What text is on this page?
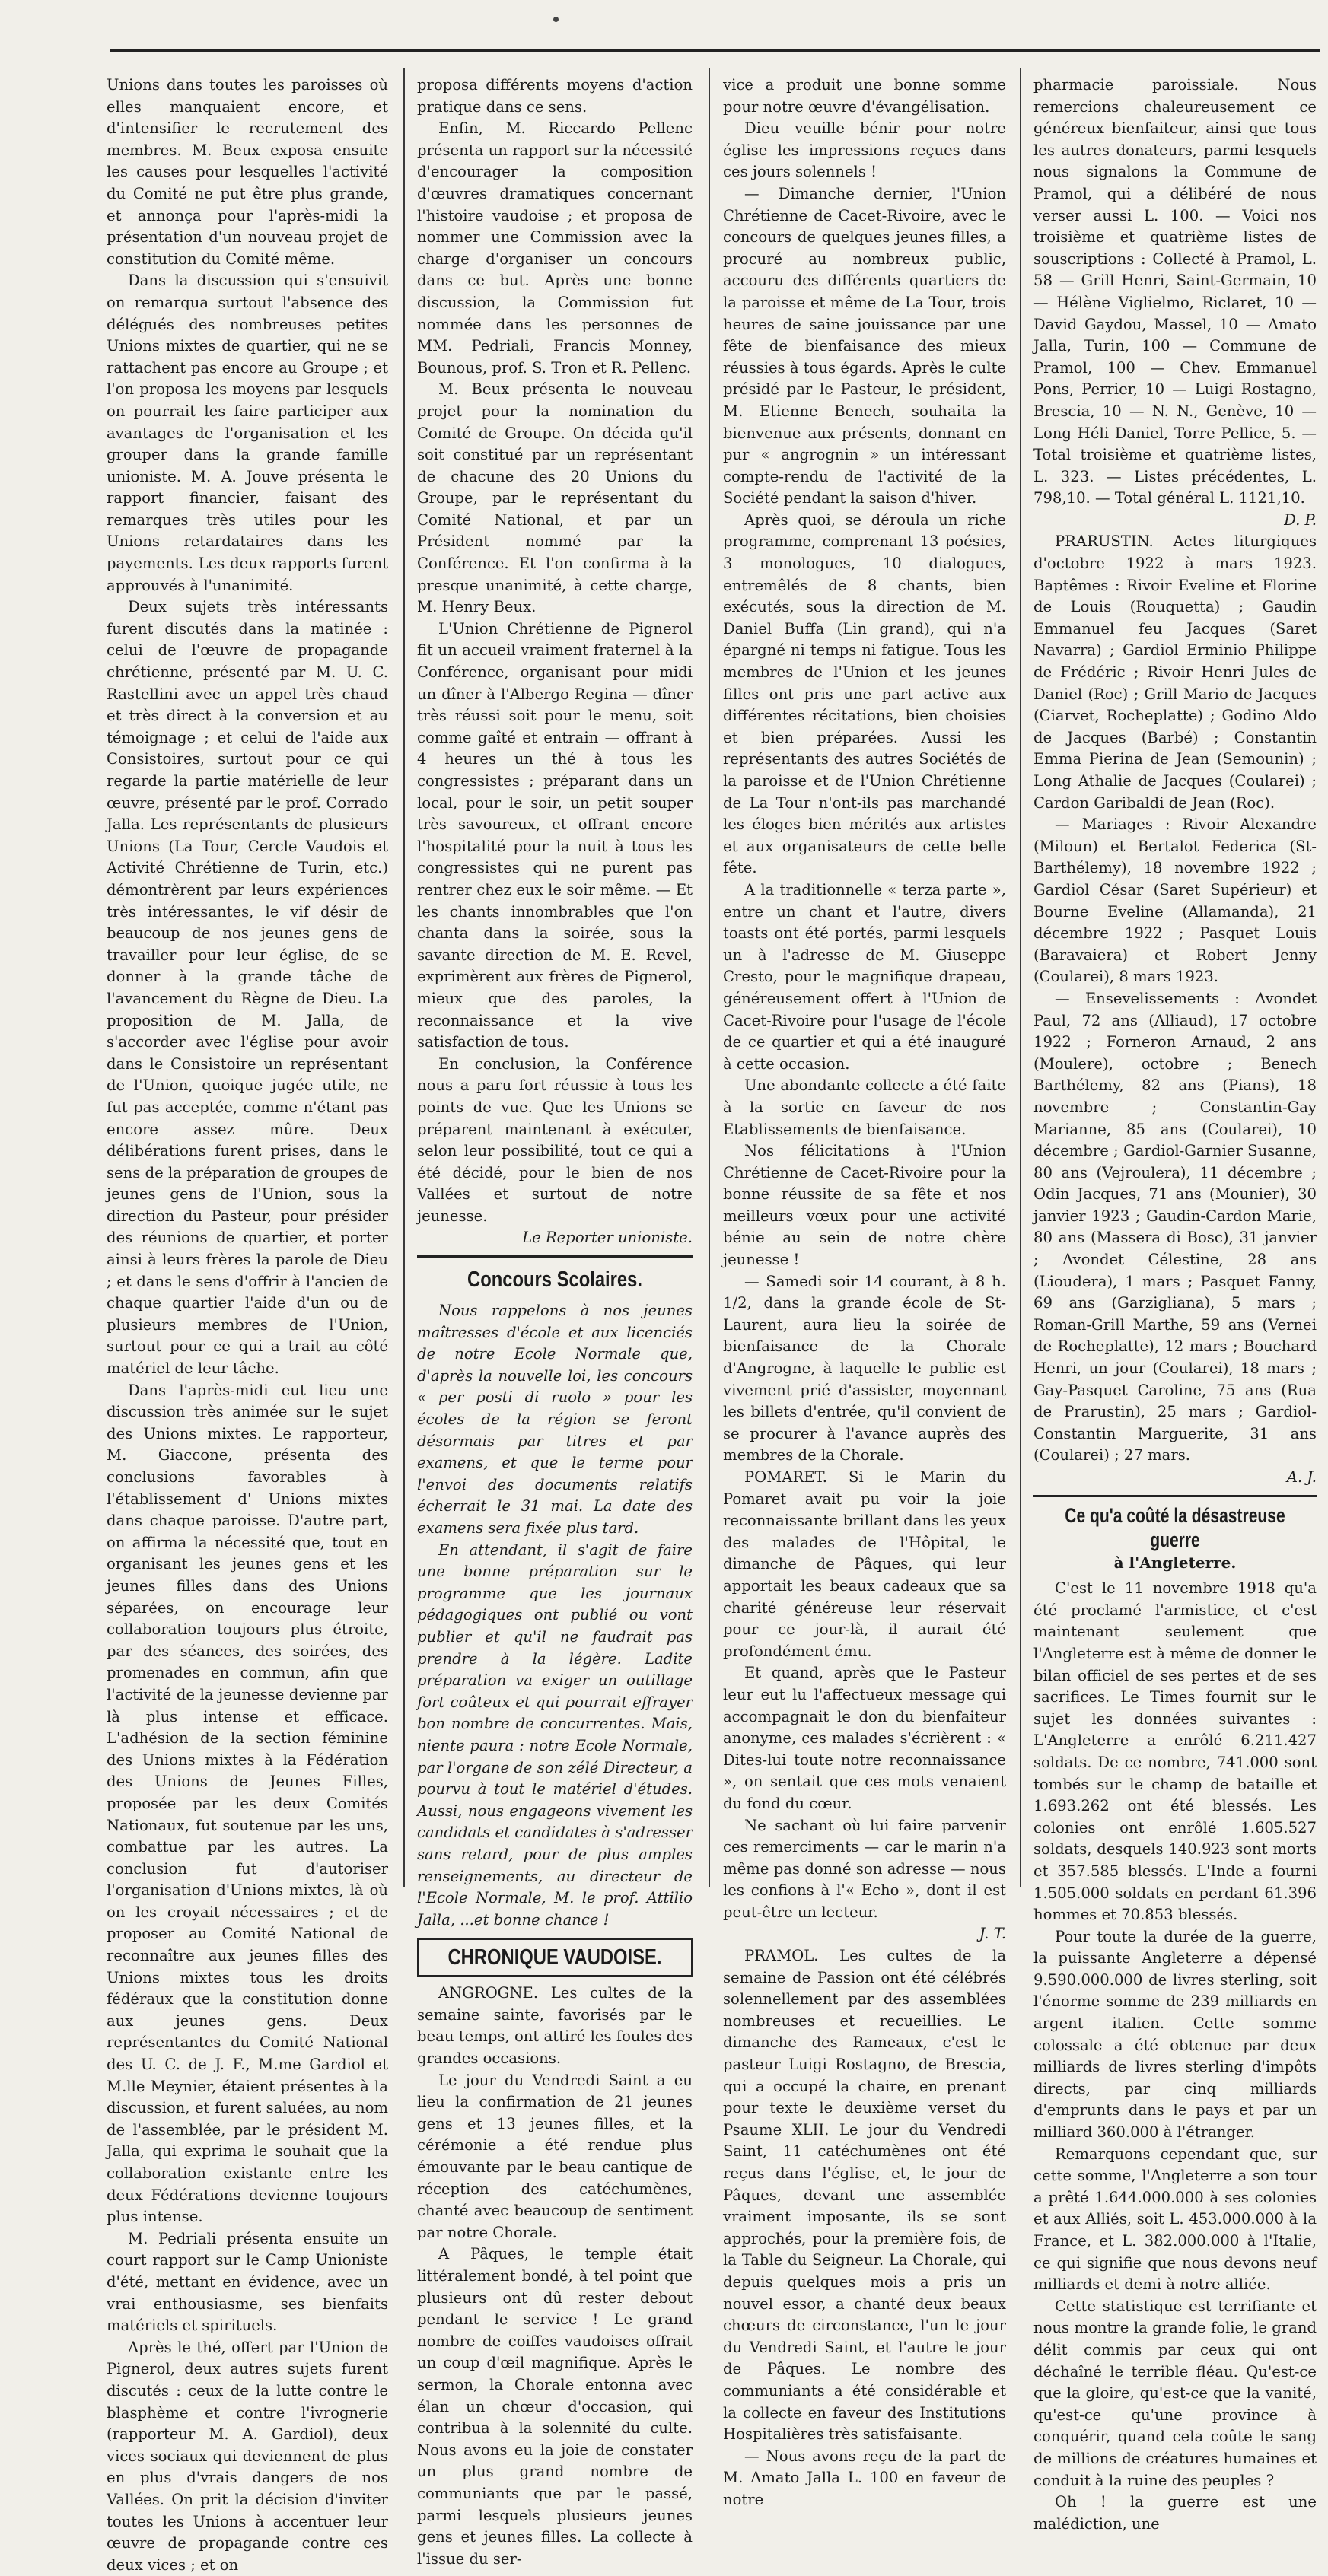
Unions dans toutes les paroisses où elles manquaient encore, et d'intensifier le recrutement des membres. M. Beux exposa ensuite les causes pour lesquelles l'activité du Comité ne put être plus grande, et annonça pour l'après-midi la présentation d'un nouveau projet de constitution du Comité même.

Dans la discussion qui s'ensuivit on remarqua surtout l'absence des délégués des nombreuses petites Unions mixtes de quartier, qui ne se rattachent pas encore au Groupe ; et l'on proposa les moyens par lesquels on pourrait les faire participer aux avantages de l'organisation et les grouper dans la grande famille unioniste. M. A. Jouve présenta le rapport financier, faisant des remarques très utiles pour les Unions retardataires dans les payements. Les deux rapports furent approuvés à l'unanimité.

Deux sujets très intéressants furent discutés dans la matinée : celui de l'œuvre de propagande chrétienne, présenté par M. U. C. Rastellini avec un appel très chaud et très direct à la conversion et au témoignage ; et celui de l'aide aux Consistoires, surtout pour ce qui regarde la partie matérielle de leur œuvre, présenté par le prof. Corrado Jalla. Les représentants de plusieurs Unions (La Tour, Cercle Vaudois et Activité Chrétienne de Turin, etc.) démontrèrent par leurs expériences très intéressantes, le vif désir de beaucoup de nos jeunes gens de travailler pour leur église, de se donner à la grande tâche de l'avancement du Règne de Dieu. La proposition de M. Jalla, de s'accorder avec l'église pour avoir dans le Consistoire un représentant de l'Union, quoique jugée utile, ne fut pas acceptée, comme n'étant pas encore assez mûre. Deux délibérations furent prises, dans le sens de la préparation de groupes de jeunes gens de l'Union, sous la direction du Pasteur, pour présider des réunions de quartier, et porter ainsi à leurs frères la parole de Dieu ; et dans le sens d'offrir à l'ancien de chaque quartier l'aide d'un ou de plusieurs membres de l'Union, surtout pour ce qui a trait au côté matériel de leur tâche.

Dans l'après-midi eut lieu une discussion très animée sur le sujet des Unions mixtes. Le rapporteur, M. Giaccone, présenta des conclusions favorables à l'établissement d' Unions mixtes dans chaque paroisse. D'autre part, on affirma la nécessité que, tout en organisant les jeunes gens et les jeunes filles dans des Unions séparées, on encourage leur collaboration toujours plus étroite, par des séances, des soirées, des promenades en commun, afin que l'activité de la jeunesse devienne par là plus intense et efficace. L'adhésion de la section féminine des Unions mixtes à la Fédération des Unions de Jeunes Filles, proposée par les deux Comités Nationaux, fut soutenue par les uns, combattue par les autres. La conclusion fut d'autoriser l'organisation d'Unions mixtes, là où on les croyait nécessaires ; et de proposer au Comité National de reconnaître aux jeunes filles des Unions mixtes tous les droits fédéraux que la constitution donne aux jeunes gens. Deux représentantes du Comité National des U. C. de J. F., M.me Gardiol et M.lle Meynier, étaient présentes à la discussion, et furent saluées, au nom de l'assemblée, par le président M. Jalla, qui exprima le souhait que la collaboration existante entre les deux Fédérations devienne toujours plus intense.

M. Pedriali présenta ensuite un court rapport sur le Camp Unioniste d'été, mettant en évidence, avec un vrai enthousiasme, ses bienfaits matériels et spirituels.

Après le thé, offert par l'Union de Pignerol, deux autres sujets furent discutés : ceux de la lutte contre le blasphème et contre l'ivrognerie (rapporteur M. A. Gardiol), deux vices sociaux qui deviennent de plus en plus d'vrais dangers de nos Vallées. On prit la décision d'inviter toutes les Unions à accentuer leur œuvre de propagande contre ces deux vices ; et on

proposa différents moyens d'action pratique dans ce sens.

Enfin, M. Riccardo Pellenc présenta un rapport sur la nécessité d'encourager la composition d'œuvres dramatiques concernant l'histoire vaudoise ; et proposa de nommer une Commission avec la charge d'organiser un concours dans ce but. Après une bonne discussion, la Commission fut nommée dans les personnes de MM. Pedriali, Francis Monney, Bounous, prof. S. Tron et R. Pellenc.

M. Beux présenta le nouveau projet pour la nomination du Comité de Groupe. On décida qu'il soit constitué par un représentant de chacune des 20 Unions du Groupe, par le représentant du Comité National, et par un Président nommé par la Conférence. Et l'on confirma à la presque unanimité, à cette charge, M. Henry Beux.

L'Union Chrétienne de Pignerol fit un accueil vraiment fraternel à la Conférence, organisant pour midi un dîner à l'Albergo Regina — dîner très réussi soit pour le menu, soit comme gaîté et entrain — offrant à 4 heures un thé à tous les congressistes ; préparant dans un local, pour le soir, un petit souper très savoureux, et offrant encore l'hospitalité pour la nuit à tous les congressistes qui ne purent pas rentrer chez eux le soir même. — Et les chants innombrables que l'on chanta dans la soirée, sous la savante direction de M. E. Revel, exprimèrent aux frères de Pignerol, mieux que des paroles, la reconnaissance et la vive satisfaction de tous.

En conclusion, la Conférence nous a paru fort réussie à tous les points de vue. Que les Unions se préparent maintenant à exécuter, selon leur possibilité, tout ce qui a été décidé, pour le bien de nos Vallées et surtout de notre jeunesse.

Le Reporter unioniste.

Concours Scolaires.

Nous rappelons à nos jeunes maîtresses d'école et aux licenciés de notre Ecole Normale que, d'après la nouvelle loi, les concours « per posti di ruolo » pour les écoles de la région se feront désormais par titres et par examens, et que le terme pour l'envoi des documents relatifs écherrait le 31 mai. La date des examens sera fixée plus tard.

En attendant, il s'agit de faire une bonne préparation sur le programme que les journaux pédagogiques ont publié ou vont publier et qu'il ne faudrait pas prendre à la légère. Ladite préparation va exiger un outillage fort coûteux et qui pourrait effrayer bon nombre de concurrentes. Mais, niente paura : notre Ecole Normale, par l'organe de son zélé Directeur, a pourvu à tout le matériel d'études. Aussi, nous engageons vivement les candidats et candidates à s'adresser sans retard, pour de plus amples renseignements, au directeur de l'Ecole Normale, M. le prof. Attilio Jalla, ...et bonne chance !

CHRONIQUE VAUDOISE.

ANGROGNE. Les cultes de la semaine sainte, favorisés par le beau temps, ont attiré les foules des grandes occasions.

Le jour du Vendredi Saint a eu lieu la confirmation de 21 jeunes gens et 13 jeunes filles, et la cérémonie a été rendue plus émouvante par le beau cantique de réception des catéchumènes, chanté avec beaucoup de sentiment par notre Chorale.

A Pâques, le temple était littéralement bondé, à tel point que plusieurs ont dû rester debout pendant le service ! Le grand nombre de coiffes vaudoises offrait un coup d'œil magnifique. Après le sermon, la Chorale entonna avec élan un chœur d'occasion, qui contribua à la solennité du culte. Nous avons eu la joie de constater un plus grand nombre de communiants que par le passé, parmi lesquels plusieurs jeunes gens et jeunes filles. La collecte à l'issue du ser-

vice a produit une bonne somme pour notre œuvre d'évangélisation.

Dieu veuille bénir pour notre église les impressions reçues dans ces jours solennels !

— Dimanche dernier, l'Union Chrétienne de Cacet-Rivoire, avec le concours de quelques jeunes filles, a procuré au nombreux public, accouru des différents quartiers de la paroisse et même de La Tour, trois heures de saine jouissance par une fête de bienfaisance des mieux réussies à tous égards. Après le culte présidé par le Pasteur, le président, M. Etienne Benech, souhaita la bienvenue aux présents, donnant en pur « angrognin » un intéressant compte-rendu de l'activité de la Société pendant la saison d'hiver.

Après quoi, se déroula un riche programme, comprenant 13 poésies, 3 monologues, 10 dialogues, entremêlés de 8 chants, bien exécutés, sous la direction de M. Daniel Buffa (Lin grand), qui n'a épargné ni temps ni fatigue. Tous les membres de l'Union et les jeunes filles ont pris une part active aux différentes récitations, bien choisies et bien préparées. Aussi les représentants des autres Sociétés de la paroisse et de l'Union Chrétienne de La Tour n'ont-ils pas marchandé les éloges bien mérités aux artistes et aux organisateurs de cette belle fête.

A la traditionnelle « terza parte », entre un chant et l'autre, divers toasts ont été portés, parmi lesquels un à l'adresse de M. Giuseppe Cresto, pour le magnifique drapeau, généreusement offert à l'Union de Cacet-Rivoire pour l'usage de l'école de ce quartier et qui a été inauguré à cette occasion.

Une abondante collecte a été faite à la sortie en faveur de nos Etablissements de bienfaisance.

Nos félicitations à l'Union Chrétienne de Cacet-Rivoire pour la bonne réussite de sa fête et nos meilleurs vœux pour une activité bénie au sein de notre chère jeunesse !

— Samedi soir 14 courant, à 8 h. 1/2, dans la grande école de St-Laurent, aura lieu la soirée de bienfaisance de la Chorale d'Angrogne, à laquelle le public est vivement prié d'assister, moyennant les billets d'entrée, qu'il convient de se procurer à l'avance auprès des membres de la Chorale.

POMARET. Si le Marin du Pomaret avait pu voir la joie reconnaissante brillant dans les yeux des malades de l'Hôpital, le dimanche de Pâques, qui leur apportait les beaux cadeaux que sa charité généreuse leur réservait pour ce jour-là, il aurait été profondément ému.

Et quand, après que le Pasteur leur eut lu l'affectueux message qui accompagnait le don du bienfaiteur anonyme, ces malades s'écrièrent : « Dites-lui toute notre reconnaissance », on sentait que ces mots venaient du fond du cœur.

Ne sachant où lui faire parvenir ces remerciments — car le marin n'a même pas donné son adresse — nous les confions à l'« Echo », dont il est peut-être un lecteur.

J. T.

PRAMOL. Les cultes de la semaine de Passion ont été célébrés solennellement par des assemblées nombreuses et recueillies. Le dimanche des Rameaux, c'est le pasteur Luigi Rostagno, de Brescia, qui a occupé la chaire, en prenant pour texte le deuxième verset du Psaume XLII. Le jour du Vendredi Saint, 11 catéchumènes ont été reçus dans l'église, et, le jour de Pâques, devant une assemblée vraiment imposante, ils se sont approchés, pour la première fois, de la Table du Seigneur. La Chorale, qui depuis quelques mois a pris un nouvel essor, a chanté deux beaux chœurs de circonstance, l'un le jour du Vendredi Saint, et l'autre le jour de Pâques. Le nombre des communiants a été considérable et la collecte en faveur des Institutions Hospitalières très satisfaisante.

— Nous avons reçu de la part de M. Amato Jalla L. 100 en faveur de notre

pharmacie paroissiale. Nous remercions chaleureusement ce généreux bienfaiteur, ainsi que tous les autres donateurs, parmi lesquels nous signalons la Commune de Pramol, qui a délibéré de nous verser aussi L. 100. — Voici nos troisième et quatrième listes de souscriptions : Collecté à Pramol, L. 58 — Grill Henri, Saint-Germain, 10 — Hélène Viglielmo, Riclaret, 10 — David Gaydou, Massel, 10 — Amato Jalla, Turin, 100 — Commune de Pramol, 100 — Chev. Emmanuel Pons, Perrier, 10 — Luigi Rostagno, Brescia, 10 — N. N., Genève, 10 — Long Héli Daniel, Torre Pellice, 5. — Total troisième et quatrième listes, L. 323. — Listes précédentes, L. 798,10. — Total général L. 1121,10.

D. P.

PRARUSTIN. Actes liturgiques d'octobre 1922 à mars 1923. Baptêmes : Rivoir Eveline et Florine de Louis (Rouquetta) ; Gaudin Emmanuel feu Jacques (Saret Navarra) ; Gardiol Erminio Philippe de Frédéric ; Rivoir Henri Jules de Daniel (Roc) ; Grill Mario de Jacques (Ciarvet, Rocheplatte) ; Godino Aldo de Jacques (Barbé) ; Constantin Emma Pierina de Jean (Semounin) ; Long Athalie de Jacques (Coularei) ; Cardon Garibaldi de Jean (Roc).

— Mariages : Rivoir Alexandre (Miloun) et Bertalot Federica (St-Barthélemy), 18 novembre 1922 ; Gardiol César (Saret Supérieur) et Bourne Eveline (Allamanda), 21 décembre 1922 ; Pasquet Louis (Baravaiera) et Robert Jenny (Coularei), 8 mars 1923.

— Ensevelissements : Avondet Paul, 72 ans (Alliaud), 17 octobre 1922 ; Forneron Arnaud, 2 ans (Moulere), octobre ; Benech Barthélemy, 82 ans (Pians), 18 novembre ; Constantin-Gay Marianne, 85 ans (Coularei), 10 décembre ; Gardiol-Garnier Susanne, 80 ans (Vejroulera), 11 décembre ; Odin Jacques, 71 ans (Mounier), 30 janvier 1923 ; Gaudin-Cardon Marie, 80 ans (Massera di Bosc), 31 janvier ; Avondet Célestine, 28 ans (Lioudera), 1 mars ; Pasquet Fanny, 69 ans (Garzigliana), 5 mars ; Roman-Grill Marthe, 59 ans (Vernei de Rocheplatte), 12 mars ; Bouchard Henri, un jour (Coularei), 18 mars ; Gay-Pasquet Caroline, 75 ans (Rua de Prarustin), 25 mars ; Gardiol-Constantin Marguerite, 31 ans (Coularei) ; 27 mars.

A. J.

Ce qu'a coûté la désastreuse guerre
à l'Angleterre.

C'est le 11 novembre 1918 qu'a été proclamé l'armistice, et c'est maintenant seulement que l'Angleterre est à même de donner le bilan officiel de ses pertes et de ses sacrifices. Le Times fournit sur le sujet les données suivantes : L'Angleterre a enrôlé 6.211.427 soldats. De ce nombre, 741.000 sont tombés sur le champ de bataille et 1.693.262 ont été blessés. Les colonies ont enrôlé 1.605.527 soldats, desquels 140.923 sont morts et 357.585 blessés. L'Inde a fourni 1.505.000 soldats en perdant 61.396 hommes et 70.853 blessés.

Pour toute la durée de la guerre, la puissante Angleterre a dépensé 9.590.000.000 de livres sterling, soit l'énorme somme de 239 milliards en argent italien. Cette somme colossale a été obtenue par deux milliards de livres sterling d'impôts directs, par cinq milliards d'emprunts dans le pays et par un milliard 360.000 à l'étranger.

Remarquons cependant que, sur cette somme, l'Angleterre a son tour a prêté 1.644.000.000 à ses colonies et aux Alliés, soit L. 453.000.000 à la France, et L. 382.000.000 à l'Italie, ce qui signifie que nous devons neuf milliards et demi à notre alliée.

Cette statistique est terrifiante et nous montre la grande folie, le grand délit commis par ceux qui ont déchaîné le terrible fléau. Qu'est-ce que la gloire, qu'est-ce que la vanité, qu'est-ce qu'une province à conquérir, quand cela coûte le sang de millions de créatures humaines et conduit à la ruine des peuples ?

Oh ! la guerre est une malédiction, une
